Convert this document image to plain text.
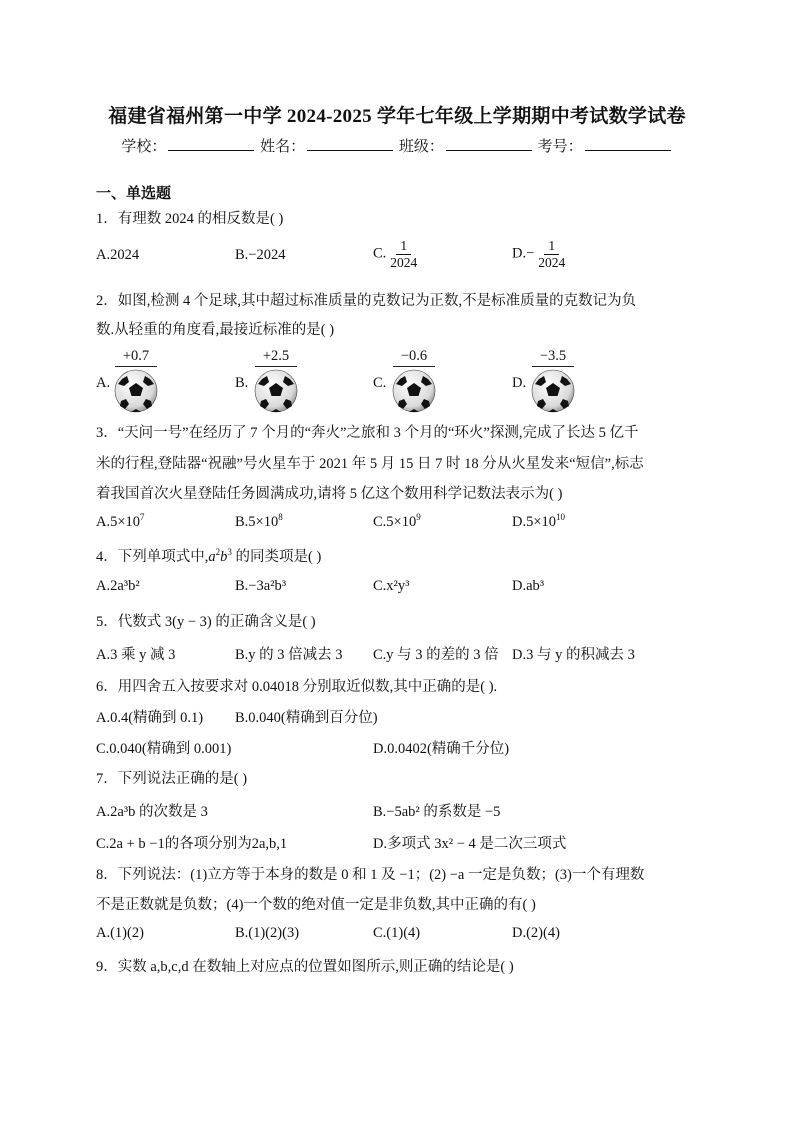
福建省福州第一中学 2024-2025 学年七年级上学期期中考试数学试卷
学校：	姓名：	班级：	考号：
一、单选题
1．有理数 2024 的相反数是( )
A.2024	B.−2024	C. $\frac{1}{2024}$	$D.- \frac{1}{2024}$
2．如图,检测 4 个足球,其中超过标准质量的克数记为正数,不是标准质量的克数记为负
数.从轻重的角度看,最接近标准的是( )
A.
+0.7
B.
+2.5
C.
−0.6
D.
−3.5
3．“天问一号”在经历了 7 个月的“奔火”之旅和 3 个月的“环火”探测,完成了长达 5 亿千
米的行程,登陆器“祝融”号火星车于 2021 年 5 月 15 日 7 时 18 分从火星发来“短信”,标志
着我国首次火星登陆任务圆满成功,请将 5 亿这个数用科学记数法表示为( )
$A.5\times 10^7$	$B.5\times 10^8$	$C.5\times 10^9$	$D.5\times 10^{10}$
4．下列单项式中$,a^2b^3$ 的同类项是( )
A.2a³b²	B.−3a²b³	C.x²y³	D.ab³
5．代数式 3(y − 3) 的正确含义是( )
A.3 乘 y 减 3	B.y 的 3 倍减去 3 C.y 与 3 的差的 3 倍 D.3 与 y 的积减去 3
6．用四舍五入按要求对 0.04018 分别取近似数,其中正确的是( ).
A.0.4(精确到 0.1) B.0.040(精确到百分位)
C.0.040(精确到 0.001)	D.0.0402(精确千分位)
7．下列说法正确的是( )
A.2a³b 的次数是 3	B.−5ab² 的系数是 −5
C.2a + b −1的各项分别为2a,b,1	D.多项式 3x² − 4 是二次三项式
8．下列说法：(1)立方等于本身的数是 0 和 1 及 −1；(2) −a 一定是负数；(3)一个有理数
不是正数就是负数；(4)一个数的绝对值一定是非负数,其中正确的有( )
A.(1)(2)	B.(1)(2)(3)	C.(1)(4)	D.(2)(4)
9．实数 a,b,c,d 在数轴上对应点的位置如图所示,则正确的结论是( )
